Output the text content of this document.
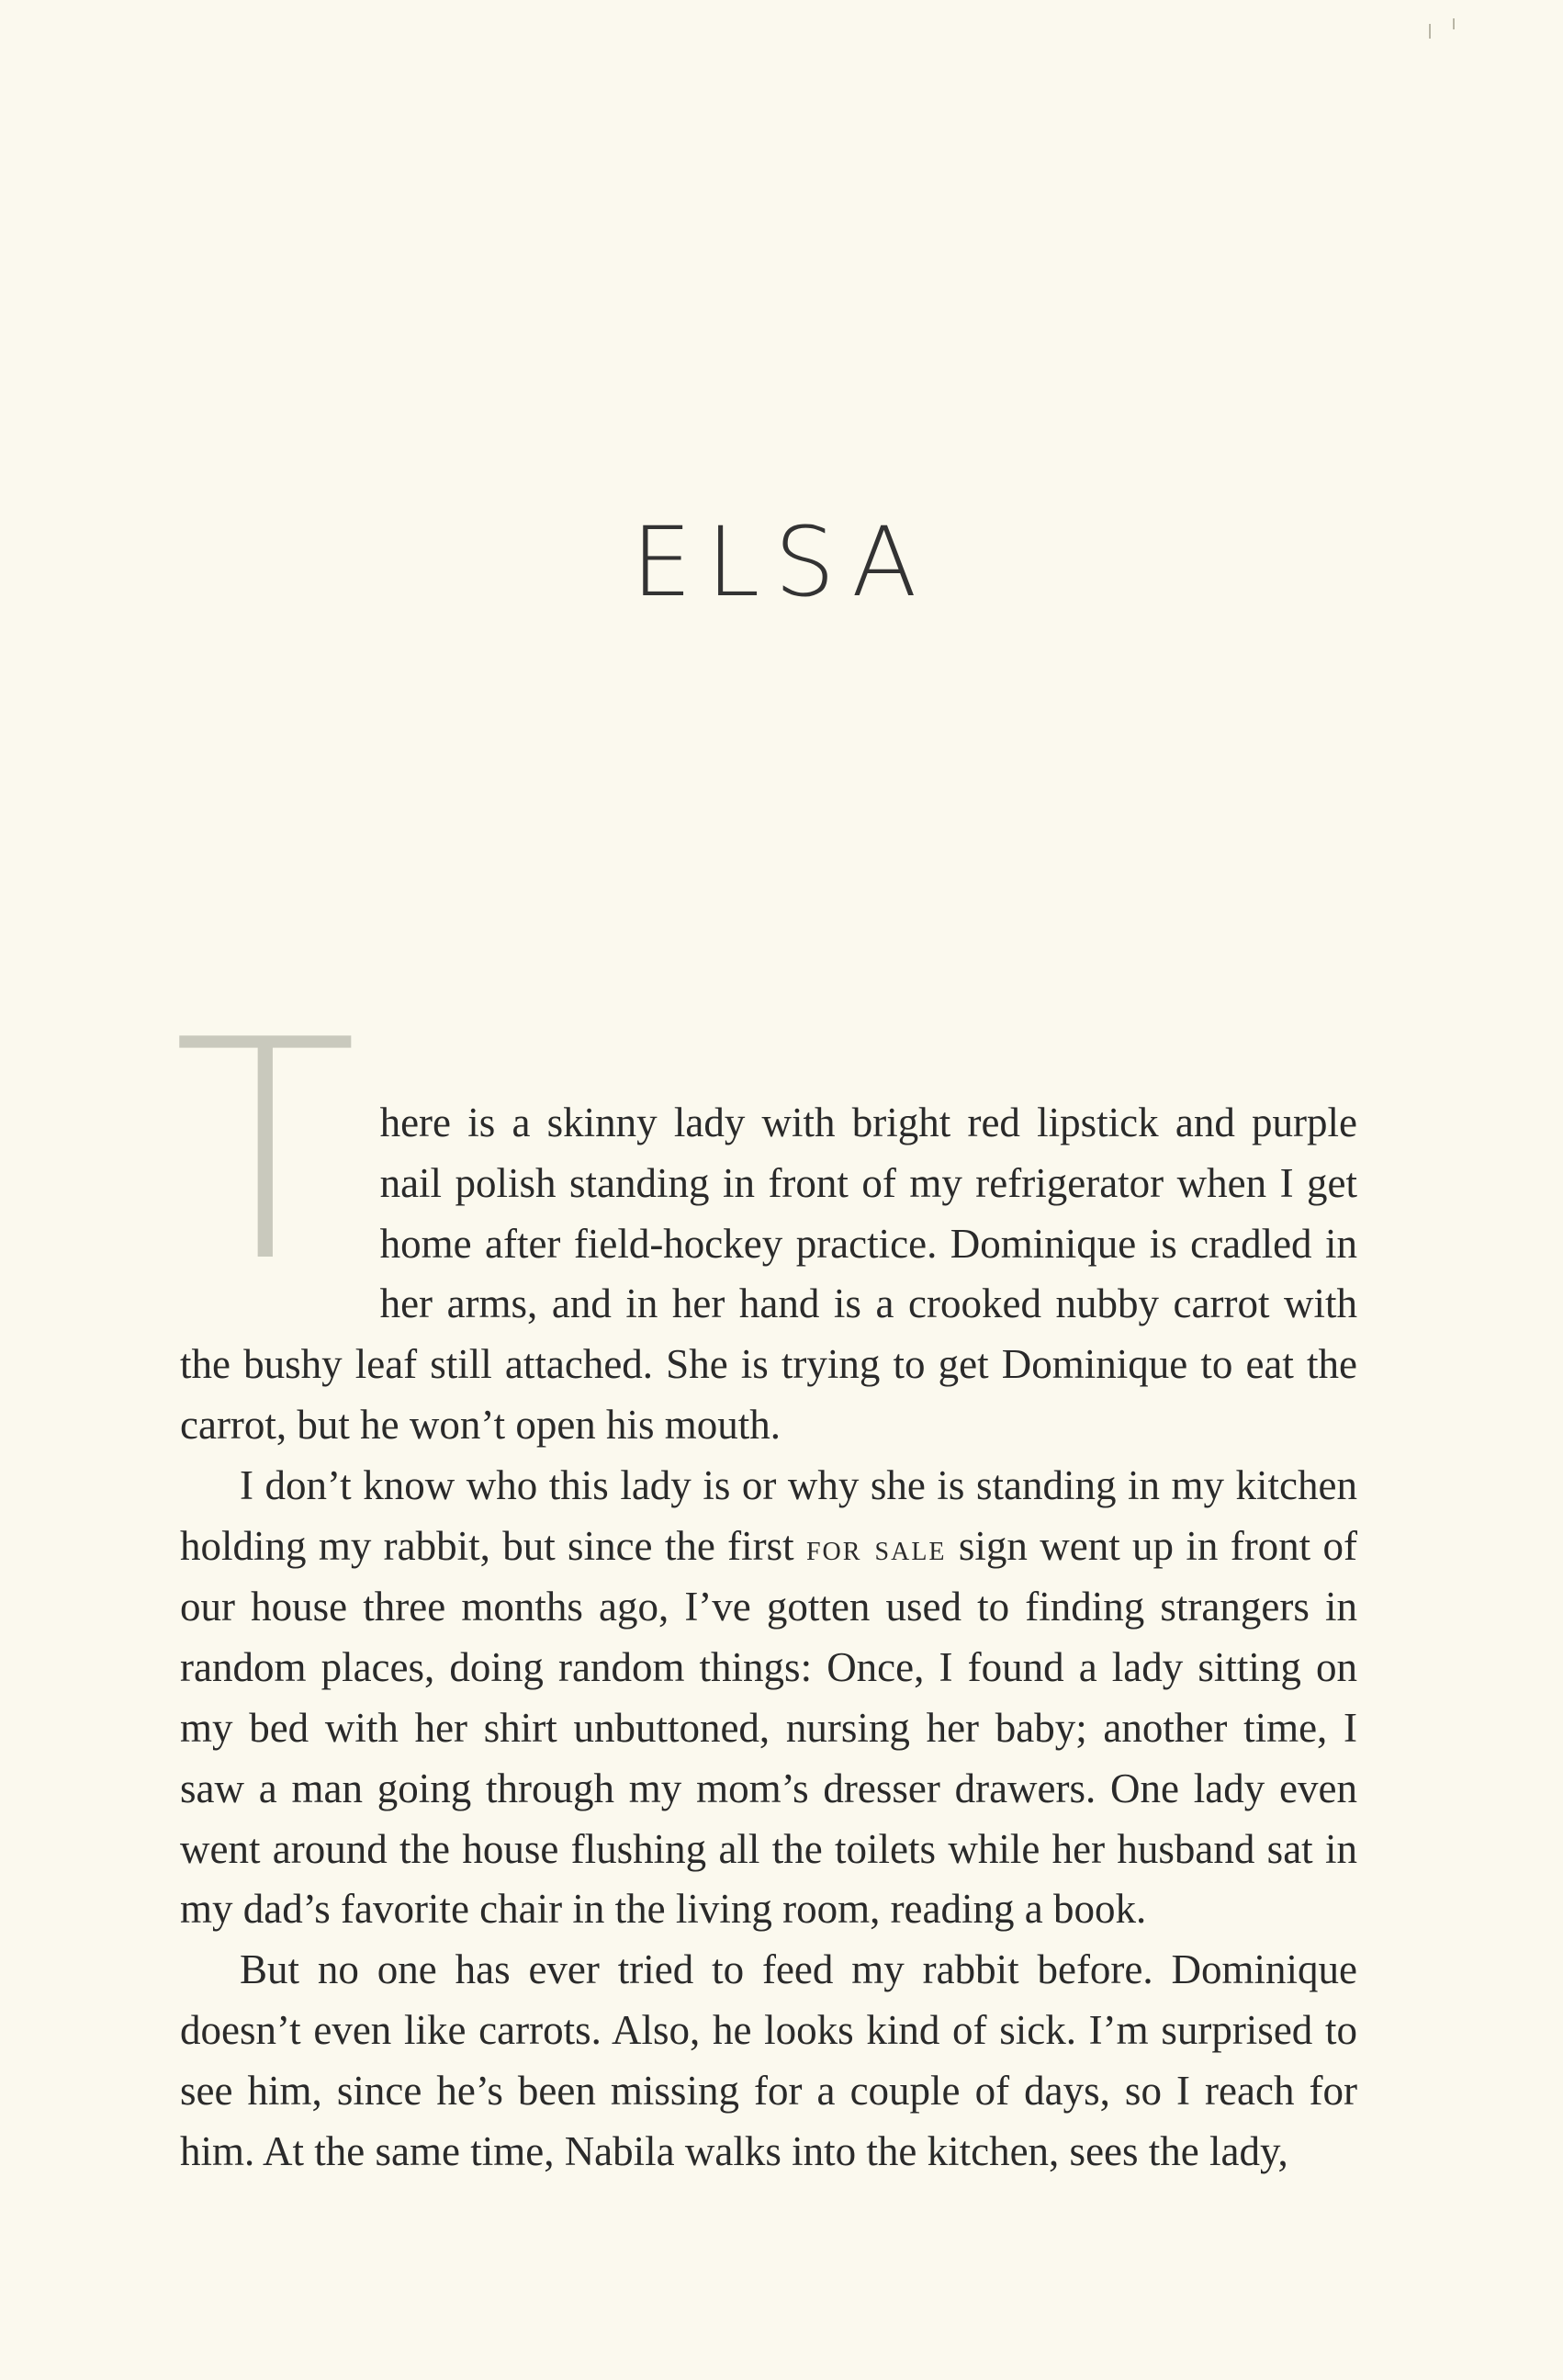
ELSA

There is a skinny lady with bright red lipstick and purple nail polish standing in front of my refrigerator when I get home after field-hockey practice. Dominique is cradled in her arms, and in her hand is a crooked nubby carrot with the bushy leaf still attached. She is trying to get Dominique to eat the carrot, but he won’t open his mouth.

I don’t know who this lady is or why she is standing in my kitchen holding my rabbit, but since the first for sale sign went up in front of our house three months ago, I’ve gotten used to finding strangers in random places, doing random things: Once, I found a lady sitting on my bed with her shirt unbuttoned, nursing her baby; another time, I saw a man going through my mom’s dresser drawers. One lady even went around the house flushing all the toilets while her husband sat in my dad’s favorite chair in the living room, reading a book.

But no one has ever tried to feed my rabbit before. Dominique doesn’t even like carrots. Also, he looks kind of sick. I’m surprised to see him, since he’s been missing for a couple of days, so I reach for him. At the same time, Nabila walks into the kitchen, sees the lady,
